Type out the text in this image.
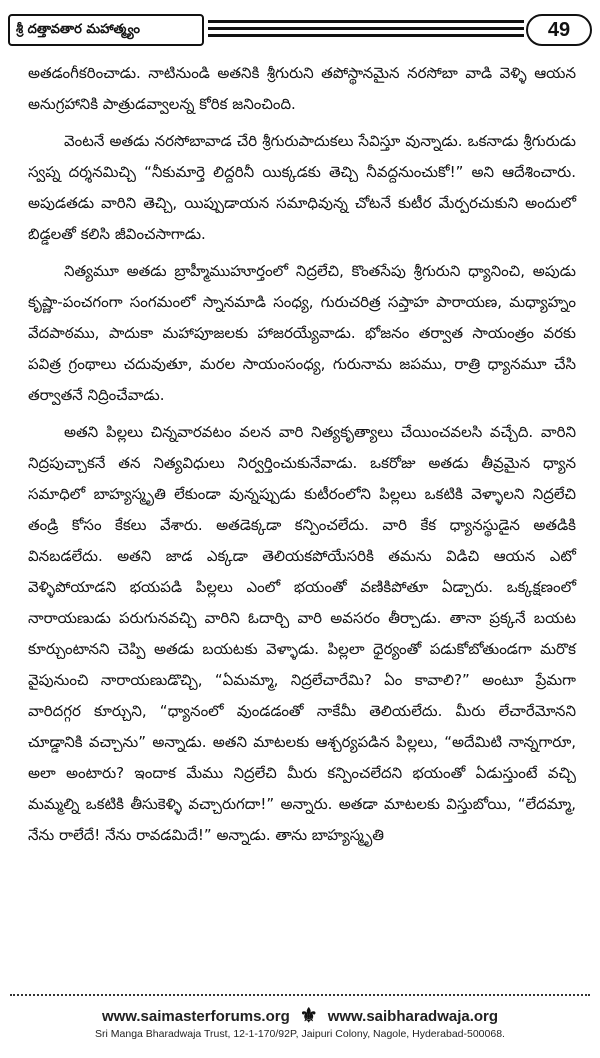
శ్రీ దత్తావతార మహాత్మ్యం	49

అతడంగీకరించాడు. నాటినుండి అతనికి శ్రీగురుని తపోస్థానమైన నరసోబా వాడి వెళ్ళి ఆయన అనుగ్రహానికి పాత్రుడవ్వాలన్న కోరిక జనించింది.

వెంటనే అతడు నరసోబావాడ చేరి శ్రీగురుపాదుకలు సేవిస్తూ వున్నాడు. ఒకనాడు శ్రీగురుడు స్వప్న దర్శనమిచ్చి “నీకుమార్తె లిద్దరినీ యిక్కడకు తెచ్చి నీవద్దనుంచుకో!” అని ఆదేశించారు. అపుడతడు వారిని తెచ్చి, యిప్పుడాయన సమాధివున్న చోటనే కుటీర మేర్పరచుకుని అందులో బిడ్డలతో కలిసి జీవించసాగాడు.

నిత్యమూ అతడు బ్రాహ్మీముహూర్తంలో నిద్రలేచి, కొంతసేపు శ్రీగురుని ధ్యానించి, అపుడు కృష్ణా-పంచగంగా సంగమంలో స్నానమాడి సంధ్య, గురుచరిత్ర సప్తాహ పారాయణ, మధ్యాహ్నం వేదపాఠము, పాదుకా మహాపూజలకు హాజరయ్యేవాడు. భోజనం తర్వాత సాయంత్రం వరకు పవిత్ర గ్రంథాలు చదువుతూ, మరల సాయంసంధ్య, గురునామ జపము, రాత్రి ధ్యానమూ చేసి తర్వాతనే నిద్రించేవాడు.

అతని పిల్లలు చిన్నవారవటం వలన వారి నిత్యకృత్యాలు చేయించవలసి వచ్చేది. వారిని నిద్రపుచ్చాకనే తన నిత్యవిధులు నిర్వర్తించుకునేవాడు. ఒకరోజు అతడు తీవ్రమైన ధ్యాన సమాధిలో బాహ్యస్మృతి లేకుండా వున్నప్పుడు కుటీరంలోని పిల్లలు ఒకటికి వెళ్ళాలని నిద్రలేచి తండ్రి కోసం కేకలు వేశారు. అతడెక్కడా కన్పించలేదు. వారి కేక ధ్యానస్థుడైన అతడికి వినబడలేదు. అతని జాడ ఎక్కడా తెలియకపోయేసరికి తమను విడిచి ఆయన ఎటో వెళ్ళిపోయాడని భయపడి పిల్లలు ఎంలో భయంతో వణికిపోతూ ఏడ్చారు. ఒక్కక్షణంలో నారాయణుడు పరుగునవచ్చి వారిని ఓదార్చి వారి అవసరం తీర్చాడు. తానా ప్రక్కనే బయట కూర్చుంటానని చెప్పి అతడు బయటకు వెళ్ళాడు. పిల్లలా ధైర్యంతో పడుకోబోతుండగా మరొక వైపునుంచి నారాయణుడొచ్చి, “ఏమమ్మా, నిద్రలేచారేమి? ఏం కావాలి?” అంటూ ప్రేమగా వారిదగ్గర కూర్చుని, “ధ్యానంలో వుండడంతో నాకేమీ తెలియలేదు. మీరు లేచారేమోనని చూడ్డానికి వచ్చాను” అన్నాడు. అతని మాటలకు ఆశ్చర్యపడిన పిల్లలు, “అదేమిటి నాన్నగారూ, అలా అంటారు? ఇందాక మేము నిద్రలేచి మీరు కన్పించలేదని భయంతో ఏడుస్తుంటే వచ్చి మమ్మల్ని ఒకటికి తీసుకెళ్ళి వచ్చారుగదా!” అన్నారు. అతడా మాటలకు విస్తుబోయి, “లేదమ్మా, నేను రాలేదే! నేను రావడమిదే!” అన్నాడు. తాను బాహ్యస్మృతి

www.saimasterforums.org ⚜ www.saibharadwaja.org
Sri Manga Bharadwaja Trust, 12-1-170/92P, Jaipuri Colony, Nagole, Hyderabad-500068.
